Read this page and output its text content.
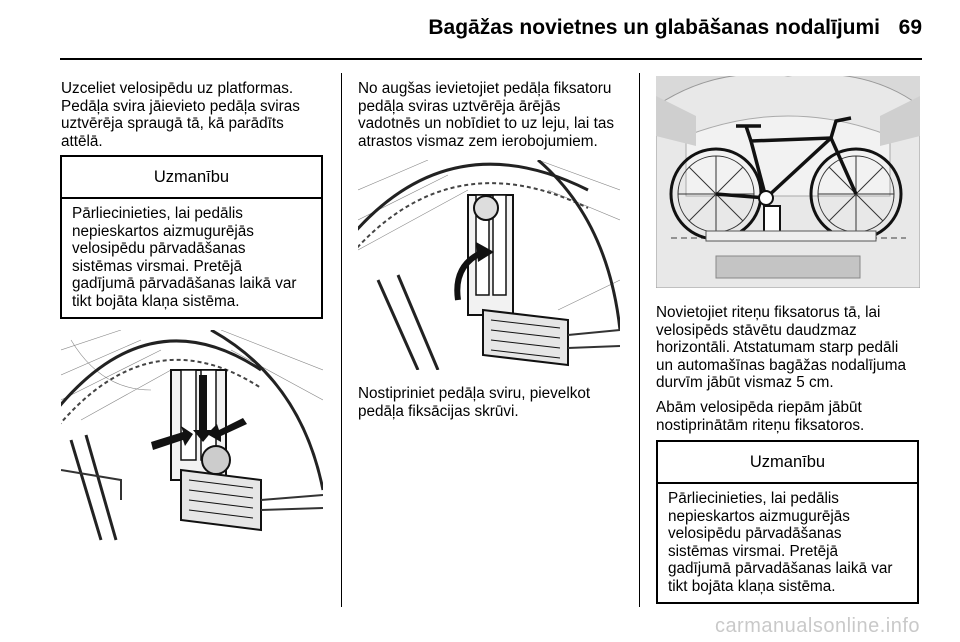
Bagāžas novietnes un glabāšanas nodalījumi 69

Uzceliet velosipēdu uz platformas.
Pedāļa svira jāievieto pedāļa sviras
uztvērēja spraugā tā, kā parādīts
attēlā.

Uzmanību
Pārliecinieties, lai pedālis
nepieskartos aizmugurējās
velosipēdu pārvadāšanas
sistēmas virsmai. Pretējā
gadījumā pārvadāšanas laikā var
tikt bojāta klaņa sistēma.

No augšas ievietojiet pedāļa fiksatoru
pedāļa sviras uztvērēja ārējās
vadotnēs un nobīdiet to uz leju, lai tas
atrastos vismaz zem ierobojumiem.

Nostipriniet pedāļa sviru, pievelkot
pedāļa fiksācijas skrūvi.

Novietojiet riteņu fiksatorus tā, lai
velosipēds stāvētu daudzmaz
horizontāli. Atstatumam starp pedāli
un automašīnas bagāžas nodalījuma
durvīm jābūt vismaz 5 cm.

Abām velosipēda riepām jābūt
nostiprinātām riteņu fiksatoros.

Uzmanību
Pārliecinieties, lai pedālis
nepieskartos aizmugurējās
velosipēdu pārvadāšanas
sistēmas virsmai. Pretējā
gadījumā pārvadāšanas laikā var
tikt bojāta klaņa sistēma.
carmanualsonline.info
